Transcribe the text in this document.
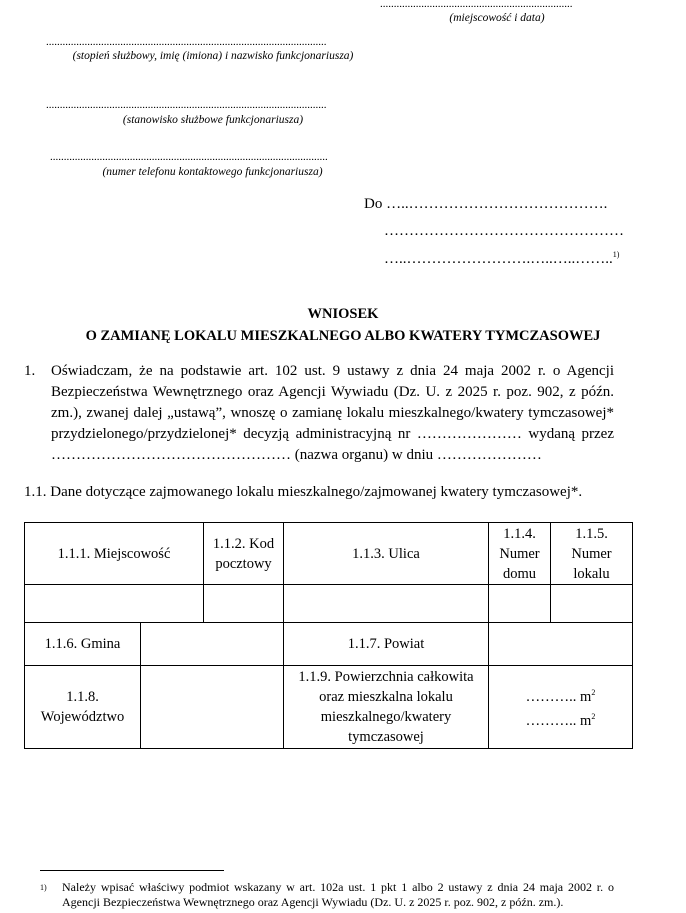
......................................................................
(miejscowość i data)
......................................................................................................
(stopień służbowy, imię (imiona) i nazwisko funkcjonariusza)
......................................................................................................
(stanowisko służbowe funkcjonariusza)
.....................................................................................................
(numer telefonu kontaktowego funkcjonariusza)
Do …..………………………………….
…………………………………………
…..…………………….…..…..……..$^{1)}$
WNIOSEK
O ZAMIANĘ LOKALU MIESZKALNEGO ALBO KWATERY TYMCZASOWEJ
1. Oświadczam, że na podstawie art. 102 ust. 9 ustawy z dnia 24 maja 2002 r. o Agencji Bezpieczeństwa Wewnętrznego oraz Agencji Wywiadu (Dz. U. z 2025 r. poz. 902, z późn. zm.), zwanej dalej „ustawą”, wnoszę o zamianę lokalu mieszkalnego/kwatery tymczasowej* przydzielonego/przydzielonej* decyzją administracyjną nr ………………… wydaną przez ………………………………………… (nazwa organu) w dniu …………………
1.1. Dane dotyczące zajmowanego lokalu mieszkalnego/zajmowanej kwatery tymczasowej*.
1.1.1. Miejscowość		1.1.2. Kod pocztowy	1.1.3. Ulica	1.1.4. Numer domu	1.1.5. Numer lokalu

1.1.6. Gmina			1.1.7. Powiat		
1.1.8. Województwo			1.1.9. Powierzchnia całkowita oraz mieszkalna lokalu mieszkalnego/kwatery tymczasowej	……….. $m^2$
……….. $m^2$
$^{1)}$ Należy wpisać właściwy podmiot wskazany w art. 102a ust. 1 pkt 1 albo 2 ustawy z dnia 24 maja 2002 r. o Agencji Bezpieczeństwa Wewnętrznego oraz Agencji Wywiadu (Dz. U. z 2025 r. poz. 902, z późn. zm.).
